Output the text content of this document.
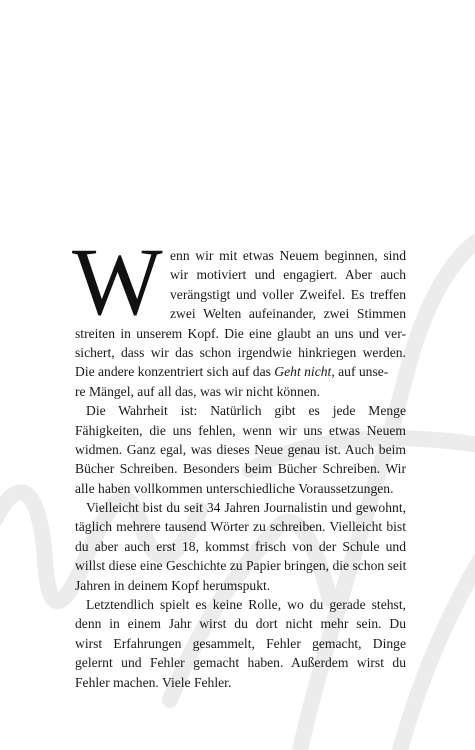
W enn wir mit etwas Neuem beginnen, sind
wir motiviert und engagiert. Aber auch
verängstigt und voller Zweifel. Es treffen
zwei Welten aufeinander, zwei Stimmen
streiten in unserem Kopf. Die eine glaubt an uns und ver-
sichert, dass wir das schon irgendwie hinkriegen werden.
Die andere konzentriert sich auf das Geht nicht, auf unse-
re Mängel, auf all das, was wir nicht können.
Die Wahrheit ist: Natürlich gibt es jede Menge
Fähigkeiten, die uns fehlen, wenn wir uns etwas Neuem
widmen. Ganz egal, was dieses Neue genau ist. Auch beim
Bücher Schreiben. Besonders beim Bücher Schreiben. Wir
alle haben vollkommen unterschiedliche Voraussetzungen.
Vielleicht bist du seit 34 Jahren Journalistin und gewohnt,
täglich mehrere tausend Wörter zu schreiben. Vielleicht bist
du aber auch erst 18, kommst frisch von der Schule und
willst diese eine Geschichte zu Papier bringen, die schon seit
Jahren in deinem Kopf herumspukt.
Letztendlich spielt es keine Rolle, wo du gerade stehst,
denn in einem Jahr wirst du dort nicht mehr sein. Du
wirst Erfahrungen gesammelt, Fehler gemacht, Dinge
gelernt und Fehler gemacht haben. Außerdem wirst du
Fehler machen. Viele Fehler.
